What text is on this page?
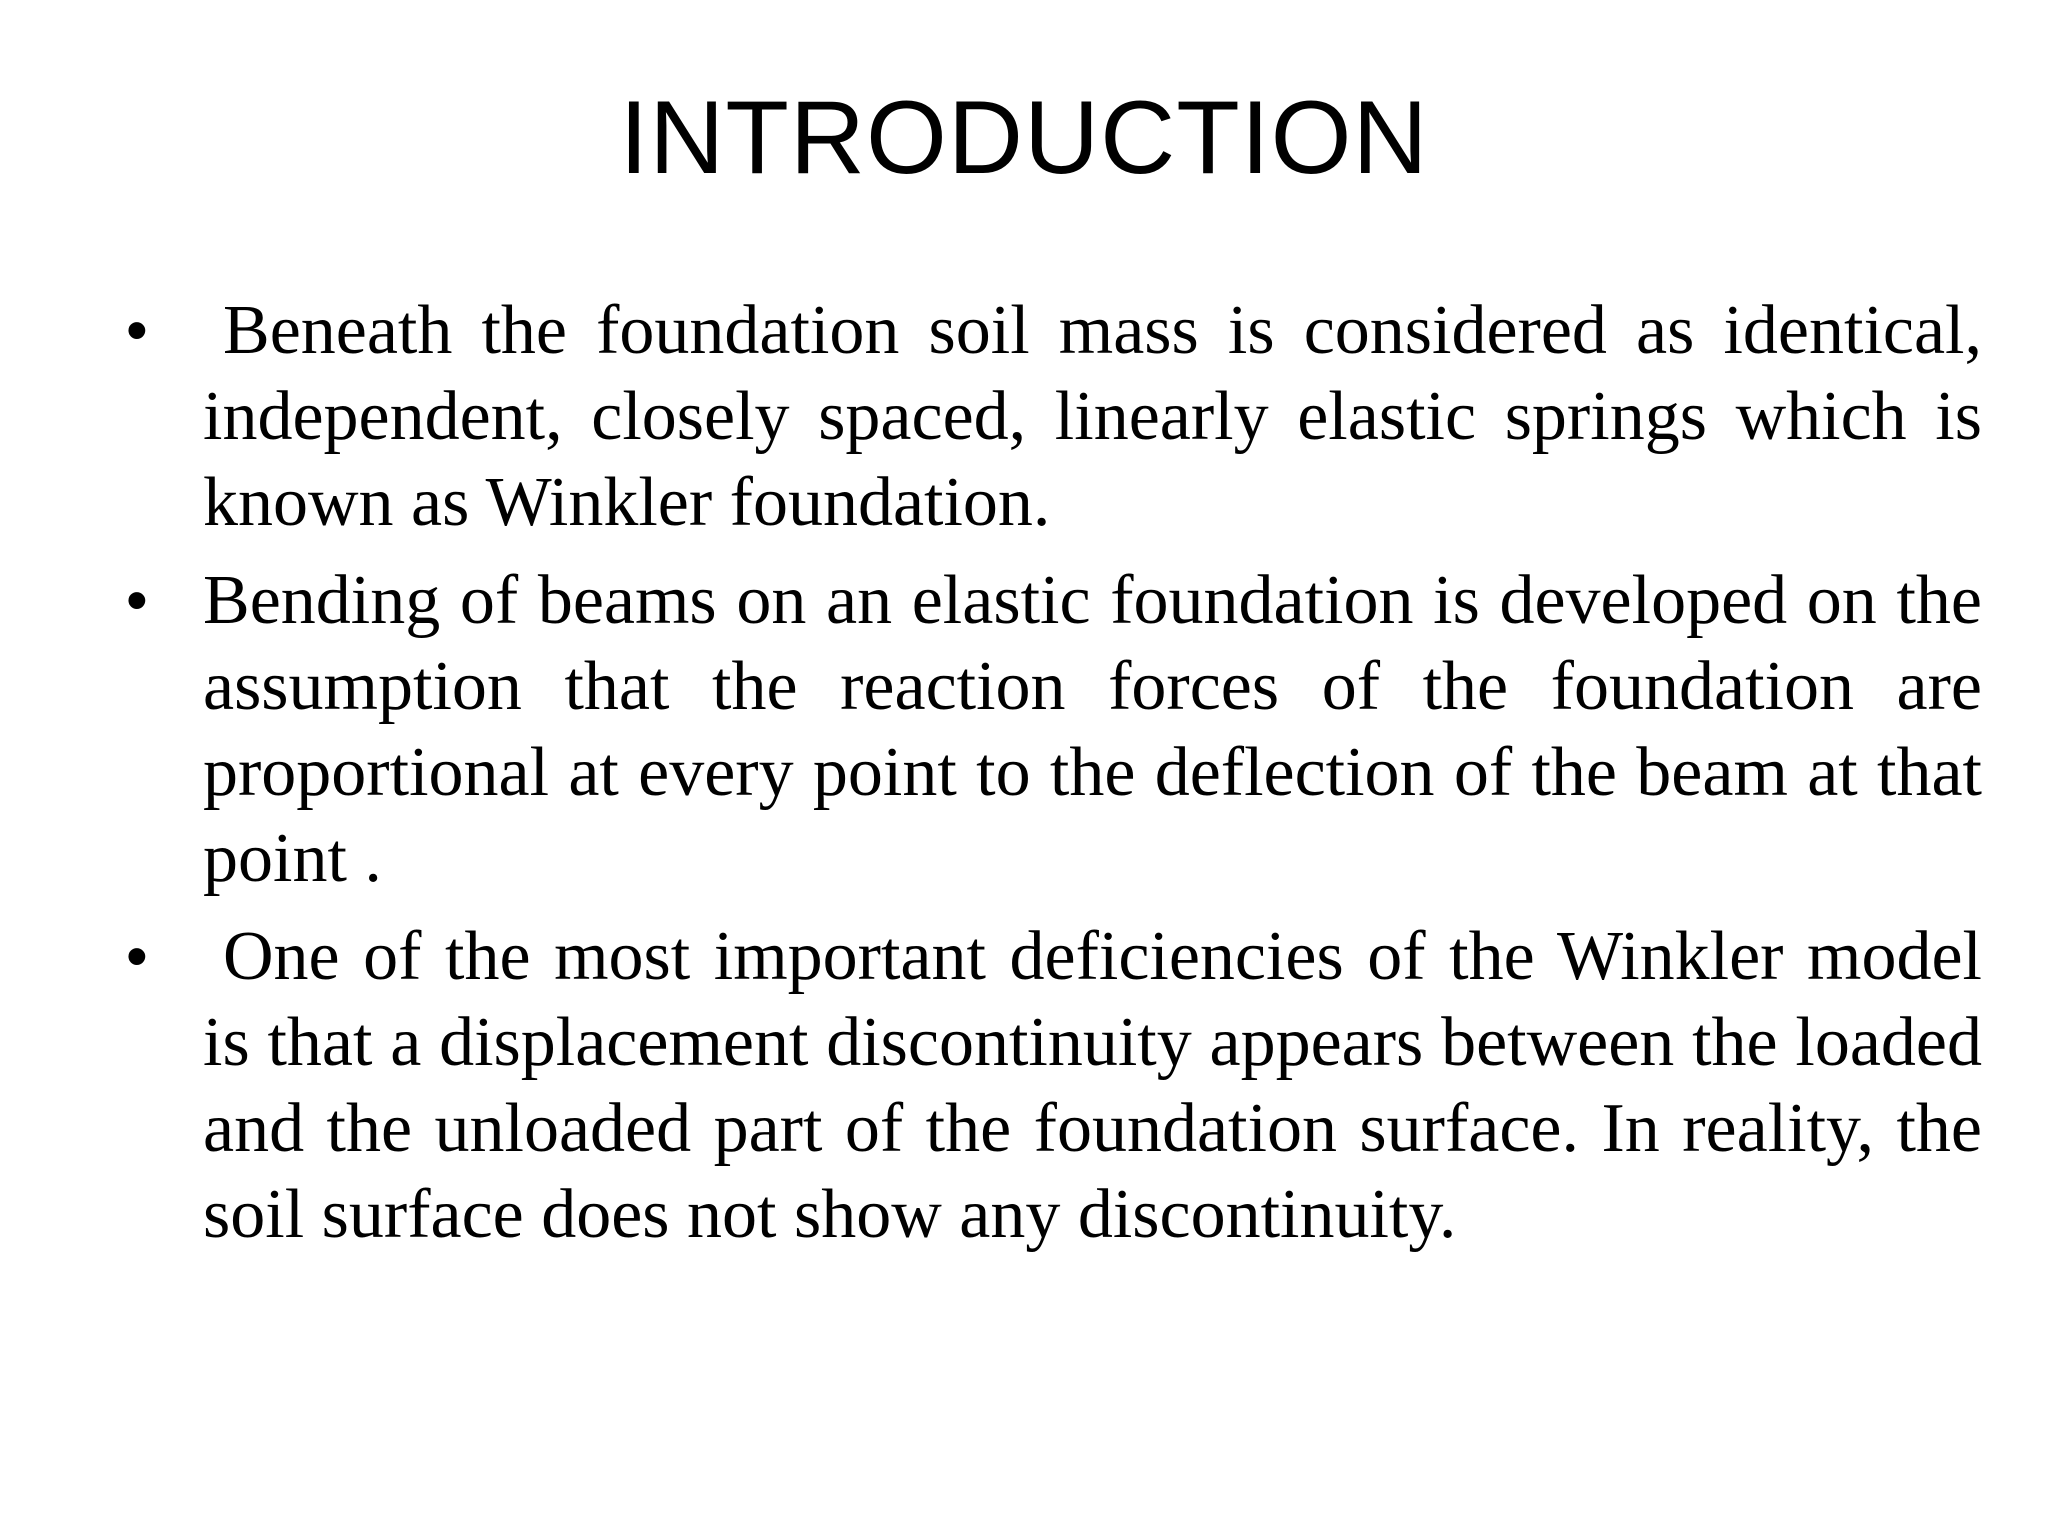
INTRODUCTION
• Beneath the foundation soil mass is considered as identical, independent, closely spaced, linearly elastic springs which is known as Winkler foundation.
• Bending of beams on an elastic foundation is developed on the assumption that the reaction forces of the foundation are proportional at every point to the deflection of the beam at that point .
• One of the most important deficiencies of the Winkler model is that a displacement discontinuity appears between the loaded and the unloaded part of the foundation surface. In reality, the soil surface does not show any discontinuity.
